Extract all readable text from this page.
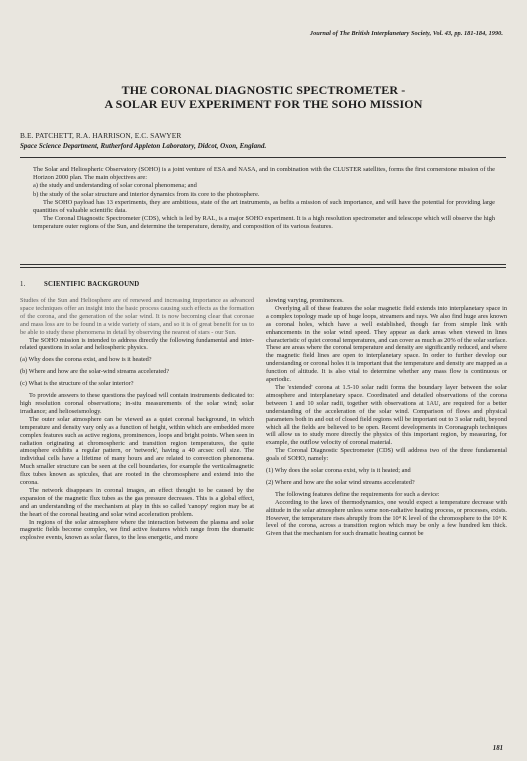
Journal of The British Interplanetary Society, Vol. 43, pp. 181-184, 1990.
THE CORONAL DIAGNOSTIC SPECTROMETER -
A SOLAR EUV EXPERIMENT FOR THE SOHO MISSION
B.E. PATCHETT, R.A. HARRISON, E.C. SAWYER
Space Science Department, Rutherford Appleton Laboratory, Didcot, Oxon, England.

The Solar and Heliospheric Observatory (SOHO) is a joint venture of ESA and NASA, and in combination with the CLUSTER satellites, forms the first cornerstone mission of the Horizon 2000 plan. The main objectives are:

a) the study and understanding of solar coronal phenomena; and

b) the study of the solar structure and interior dynamics from its core to the photosphere.

The SOHO payload has 13 experiments, they are ambitious, state of the art instruments, as befits a mission of such importance, and will have the potential for providing large quantities of valuable scientific data.

The Coronal Diagnostic Spectrometer (CDS), which is led by RAL, is a major SOHO experiment. It is a high resolution spectrometer and telescope which will observe the high temperature outer regions of the Sun, and determine the temperature, density, and composition of its various features.

1.	SCIENTIFIC BACKGROUND

Studies of the Sun and Heliosphere are of renewed and increasing importance as advanced space techniques offer an insight into the basic process causing such effects as the formation of the corona, and the generation of the solar wind. It is now becoming clear that coronae and mass loss are to be found in a wide variety of stars, and so it is of great benefit for us to be able to study these phenomena in detail by observing the nearest of stars - our Sun.

The SOHO mission is intended to address directly the following fundamental and inter-related questions in solar and heliospheric physics.

(a) Why does the corona exist, and how is it heated?

(b) Where and how are the solar-wind streams accelerated?

(c) What is the structure of the solar interior?

To provide answers to these questions the payload will contain instruments dedicated to: high resolution coronal observations; in-situ measurements of the solar wind; solar irradiance; and helioseismology.

The outer solar atmosphere can be viewed as a quiet coronal background, in which temperature and density vary only as a function of height, within which are embedded more complex features such as active regions, prominences, loops and bright points. When seen in radiation originating at chromospheric and transition region temperatures, the quite atmosphere exhibits a regular pattern, or 'network', having a 40 arcsec cell size. The individual cells have a lifetime of many hours and are related to convection phenomena. Much smaller structure can be seen at the cell boundaries, for example the verticalmagnetic flux tubes known as spicules, that are rooted in the chromosphere and extend into the corona.

The network disappears in coronal images, an effect thought to be caused by the expansion of the magnetic flux tubes as the gas pressure decreases. This is a global effect, and an understanding of the mechanism at play in this so called 'canopy' region may be at the heart of the coronal heating and solar wind acceleration problem.

In regions of the solar atmosphere where the interaction between the plasma and solar magnetic fields become complex, we find active features which range from the dramatic explosive events, known as solar flares, to the less energetic, and more

slowing varying, prominences.

Overlying all of these features the solar magnetic field extends into interplanetary space in a complex topology made up of huge loops, streamers and rays. We also find huge ares known as coronal holes, which have a well established, though far from simple link with enhancements in the solar wind speed. They appear as dark areas when viewed in lines characteristic of quiet coronal temperatures, and can cover as much as 20% of the solar surface. These are areas where the coronal temperature and density are significantly reduced, and where the magnetic field lines are open to interplanetary space. In order to further develop our understanding or coronal holes it is important that the temperature and density are mapped as a function of altitude. It is also vital to determine whether any mass flow is continuous or aperiodic.

The 'extended' corona at 1.5-10 solar radii forms the boundary layer between the solar atmosphere and interplanetary space. Coordinated and detailed observations of the corona between 1 and 10 solar radii, together with observations at 1AU, are required for a better understanding of the acceleration of the solar wind. Comparison of flows and physical parameters both in and out of closed field regions will be important out to 3 solar radii, beyond which all the fields are believed to be open. Recent developments in Coronagraph techniques will allow us to study more directly the physics of this important region, by measuring, for example, the outflow velocity of coronal material.

The Coronal Diagnostic Spectrometer (CDS) will address two of the three fundamental goals of SOHO, namely:

(1) Why does the solar corona exist, why is it heated; and

(2) Where and how are the solar wind streams accelerated?

The following features define the requirements for such a device:

According to the laws of thermodynamics, one would expect a temperature decrease with altitude in the solar atmosphere unless some non-radiative heating process, or processes, exists. However, the temperature rises abruptly from the 10⁴ K level of the chromosphere to the 10⁶ K level of the corona, across a transition region which may be only a few hundred km thick. Given that the mechanism for such dramatic heating cannot be

181
